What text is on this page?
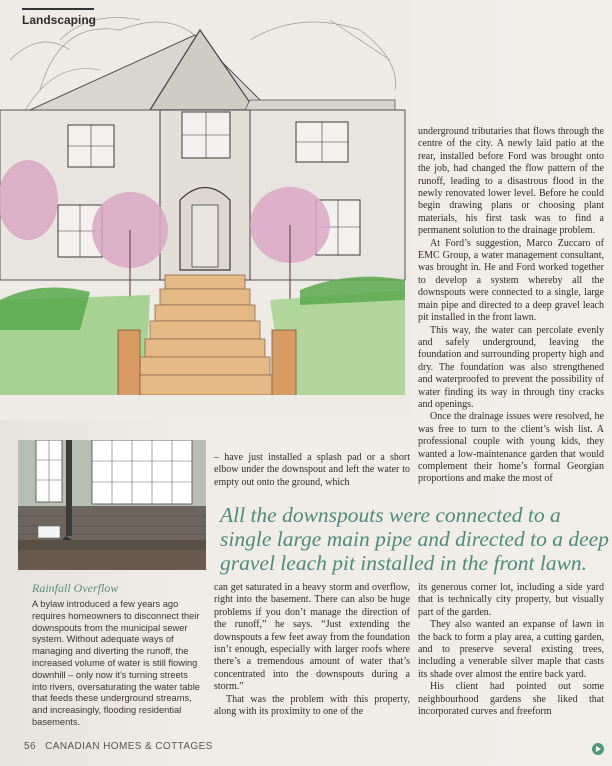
Landscaping

underground tributaries that flows through the centre of the city. A newly laid patio at the rear, installed before Ford was brought onto the job, had changed the flow pattern of the runoff, leading to a disastrous flood in the newly renovated lower level. Before he could begin drawing plans or choosing plant materials, his first task was to find a permanent solution to the drainage problem.

At Ford’s suggestion, Marco Zuccaro of EMC Group, a water management consultant, was brought in. He and Ford worked together to develop a system whereby all the downspouts were connected to a single, large main pipe and directed to a deep gravel leach pit installed in the front lawn.

This way, the water can percolate evenly and safely underground, leaving the foundation and surrounding property high and dry. The foundation was also strengthened and waterproofed to prevent the possibility of water finding its way in through tiny cracks and openings.

Once the drainage issues were resolved, he was free to turn to the client’s wish list. A professional couple with young kids, they wanted a low-maintenance garden that would complement their home’s formal Georgian proportions and make the most of

– have just installed a splash pad or a short elbow under the downspout and left the water to empty out onto the ground, which

All the downspouts were connected to a single large main pipe and directed to a deep gravel leach pit installed in the front lawn.
Rainfall Overflow
A bylaw introduced a few years ago requires homeowners to disconnect their downspouts from the municipal sewer system. Without adequate ways of managing and diverting the runoff, the increased volume of water is still flowing downhill – only now it’s turning streets into rivers, oversaturating the water table that feeds these underground streams, and increasingly, flooding residential basements.

can get saturated in a heavy storm and overflow, right into the basement. There can also be huge problems if you don’t manage the direction of the runoff,” he says. “Just extending the downspouts a few feet away from the foundation isn’t enough, especially with larger roofs where there’s a tremendous amount of water that’s concentrated into the downspouts during a storm.”

That was the problem with this property, along with its proximity to one of the

its generous corner lot, including a side yard that is technically city property, but visually part of the garden.

They also wanted an expanse of lawn in the back to form a play area, a cutting garden, and to preserve several existing trees, including a venerable silver maple that casts its shade over almost the entire back yard.

His client had pointed out some neighbourhood gardens she liked that incorporated curves and freeform

56 CANADIAN HOMES & COTTAGES
